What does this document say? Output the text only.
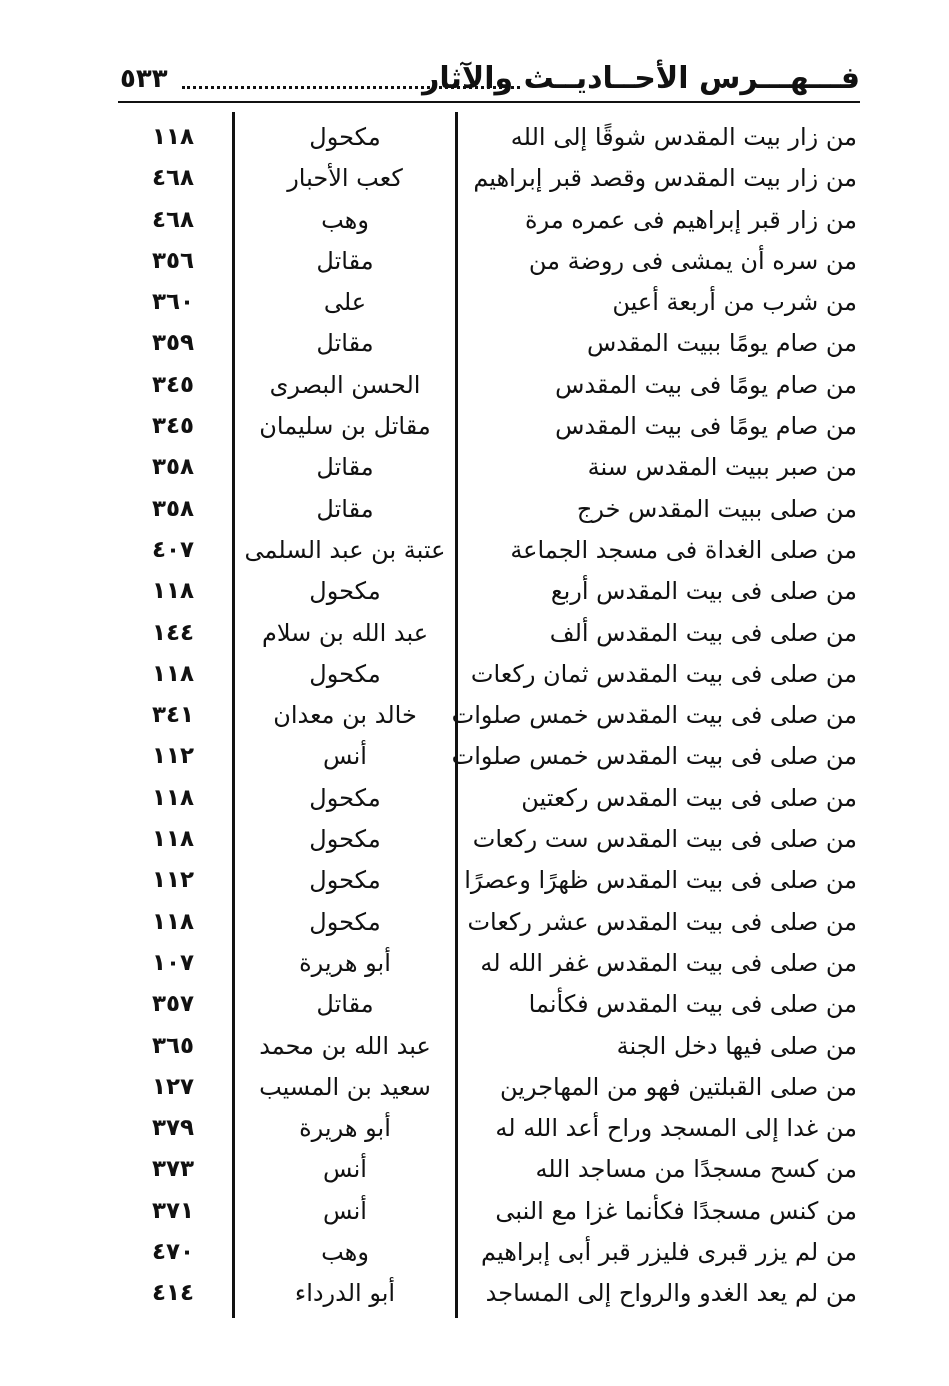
فـــهـــرس الأحــاديــث والآثار
٥٣٣
من زار بيت المقدس شوقًا إلى الله
مكحول
١١٨
من زار بيت المقدس وقصد قبر إبراهيم
كعب الأحبار
٤٦٨
من زار قبر إبراهيم فى عمره مرة
وهب
٤٦٨
من سره أن يمشى فى روضة من
مقاتل
٣٥٦
من شرب من أربعة أعين
على
٣٦٠
من صام يومًا ببيت المقدس
مقاتل
٣٥٩
من صام يومًا فى بيت المقدس
الحسن البصرى
٣٤٥
من صام يومًا فى بيت المقدس
مقاتل بن سليمان
٣٤٥
من صبر ببيت المقدس سنة
مقاتل
٣٥٨
من صلى ببيت المقدس خرج
مقاتل
٣٥٨
من صلى الغداة فى مسجد الجماعة
عتبة بن عبد السلمى
٤٠٧
من صلى فى بيت المقدس أربع
مكحول
١١٨
من صلى فى بيت المقدس ألف
عبد الله بن سلام
١٤٤
من صلى فى بيت المقدس ثمان ركعات
مكحول
١١٨
من صلى فى بيت المقدس خمس صلوات
خالد بن معدان
٣٤١
من صلى فى بيت المقدس خمس صلوات
أنس
١١٢
من صلى فى بيت المقدس ركعتين
مكحول
١١٨
من صلى فى بيت المقدس ست ركعات
مكحول
١١٨
من صلى فى بيت المقدس ظهرًا وعصرًا
مكحول
١١٢
من صلى فى بيت المقدس عشر ركعات
مكحول
١١٨
من صلى فى بيت المقدس غفر الله له
أبو هريرة
١٠٧
من صلى فى بيت المقدس فكأنما
مقاتل
٣٥٧
من صلى فيها دخل الجنة
عبد الله بن محمد
٣٦٥
من صلى القبلتين فهو من المهاجرين
سعيد بن المسيب
١٢٧
من غدا إلى المسجد وراح أعد الله له
أبو هريرة
٣٧٩
من كسح مسجدًا من مساجد الله
أنس
٣٧٣
من كنس مسجدًا فكأنما غزا مع النبى
أنس
٣٧١
من لم يزر قبرى فليزر قبر أبى إبراهيم
وهب
٤٧٠
من لم يعد الغدو والرواح إلى المساجد
أبو الدرداء
٤١٤
